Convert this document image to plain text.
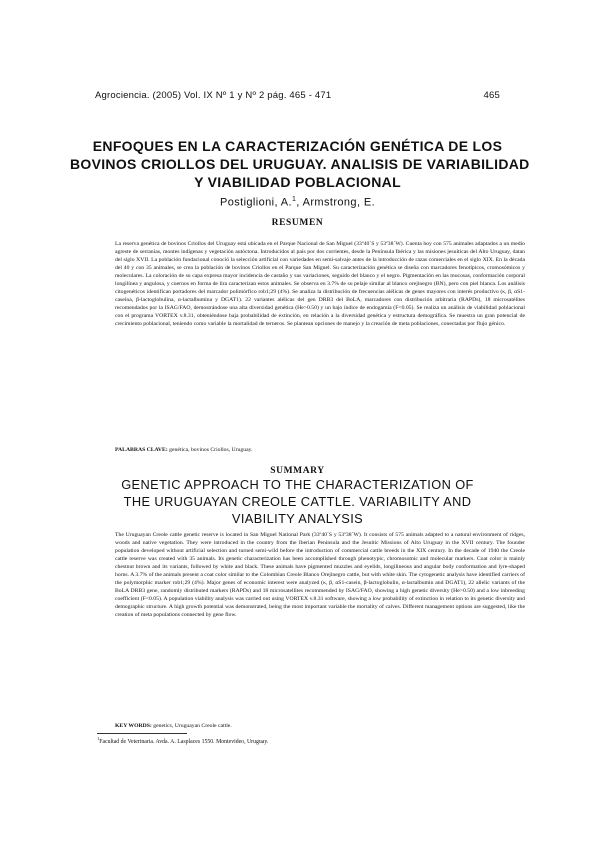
Agrociencia. (2005) Vol. IX Nº 1 y Nº 2 pág. 465 - 471	465
ENFOQUES EN LA CARACTERIZACIÓN GENÉTICA DE LOS
BOVINOS CRIOLLOS DEL URUGUAY. ANALISIS DE VARIABILIDAD
Y VIABILIDAD POBLACIONAL
Postiglioni, A.$^1$, Armstrong, E.
RESUMEN
La reserva genética de bovinos Criollos del Uruguay está ubicada en el Parque Nacional de San Miguel (33º40´S y 53º38´W). Cuenta hoy con 575 animales adaptados a un medio agreste de serranías, montes indígenas y vegetación autóctona. Introducidos al país por dos corrientes, desde la Península Ibérica y las misiones jesuíticas del Alto Uruguay, datan del siglo XVII. La población fundacional conoció la selección artificial con variedades en semi-salvaje antes de la introducción de razas comerciales en el siglo XIX. En la década del 40 y con 35 animales, se crea la población de bovinos Criollos en el Parque San Miguel. Su caracterización genética se diseña con marcadores fenotípicos, cromosómicos y moleculares. La coloración de su capa expresa mayor incidencia de castaño y sus variaciones, seguido del blanco y el negro. Pigmentación en las mucosas, conformación corporal longilínea y angulosa, y cuernos en forma de lira caracterizan estos animales. Se observa en 3.7% de su pelaje similar al blanco orejinegro (BN), pero con piel blanca. Los análisis citogenéticos identifican portadores del marcador polimórfico rob1;29 (4%). Se analiza la distribución de frecuencias alélicas de genes mayores con interés productivo (κ, β, αS1-caseína, β-lactoglobulina, α-lactalbumina y DGAT1). 22 variantes alélicas del gen DRB3 del BoLA, marcadores con distribución arbitraria (RAPDs), 18 microsatélites recomendados por la ISAG/FAO, demostrándose una alta diversidad genética (He>0.50) y un bajo índice de endogamia (F<0.05). Se realiza un análisis de viabilidad poblacional con el programa VORTEX v.8.31, obteniéndose baja probabilidad de extinción, en relación a la diversidad genética y estructura demográfica. Se muestra un gran potencial de crecimiento poblacional, teniendo como variable la mortalidad de terneros. Se plantean opciones de manejo y la creación de meta poblaciones, conectadas por flujo génico.
PALABRAS CLAVE: genética, bovinos Criollos, Uruguay.
SUMMARY
GENETIC APPROACH TO THE CHARACTERIZATION OF
THE URUGUAYAN CREOLE CATTLE. VARIABILITY AND
VIABILITY ANALYSIS
The Uruguayan Creole cattle genetic reserve is located in San Miguel National Park (33º40´S y 53º38´W). It consists of 575 animals adapted to a natural environment of ridges, woods and native vegetation. They were introduced in the country from the Iberian Peninsula and the Jesuitic Missions of Alto Uruguay in the XVII century. The founder population developed without artificial selection and turned semi-wild before the introduction of commercial cattle breeds in the XIX century. In the decade of 1940 the Creole cattle reserve was created with 35 animals. Its genetic characterization has been accomplished through phenotypic, chromosomic and molecular markers. Coat color is mainly chestnut brown and its variants, followed by white and black. These animals have pigmented muzzles and eyelids, longilineous and angular body conformation and lyre-shaped horns. A 3.7% of the animals present a coat color similar to the Colombian Creole Blanco Orejinegro cattle, but with white skin. The cytogenetic analysis have identified carriers of the polymorphic marker rob1;29 (4%). Major genes of economic interest were analyzed (κ, β, αS1-casein, β-lactoglobulin, α-lactalbumin and DGAT1), 22 allelic variants of the BoLA DRB3 gene, randomly distributed markers (RAPDs) and 18 microsatellites recommended by ISAG/FAO, showing a high genetic diversity (He>0.50) and a low inbreeding coefficient (F<0.05). A population viability analysis was carried out using VORTEX v.8.31 software, showing a low probability of extinction in relation to its genetic diversity and demographic structure. A high growth potential was demonstrated, being the most important variable the mortality of calves. Different management options are suggested, like the creation of meta populations connected by gene flow.
KEY WORDS: genetics, Uruguayan Creole cattle.
$^1$Facultad de Veterinaria. Avda. A. Lasplaces 1550. Montevideo, Uruguay.
